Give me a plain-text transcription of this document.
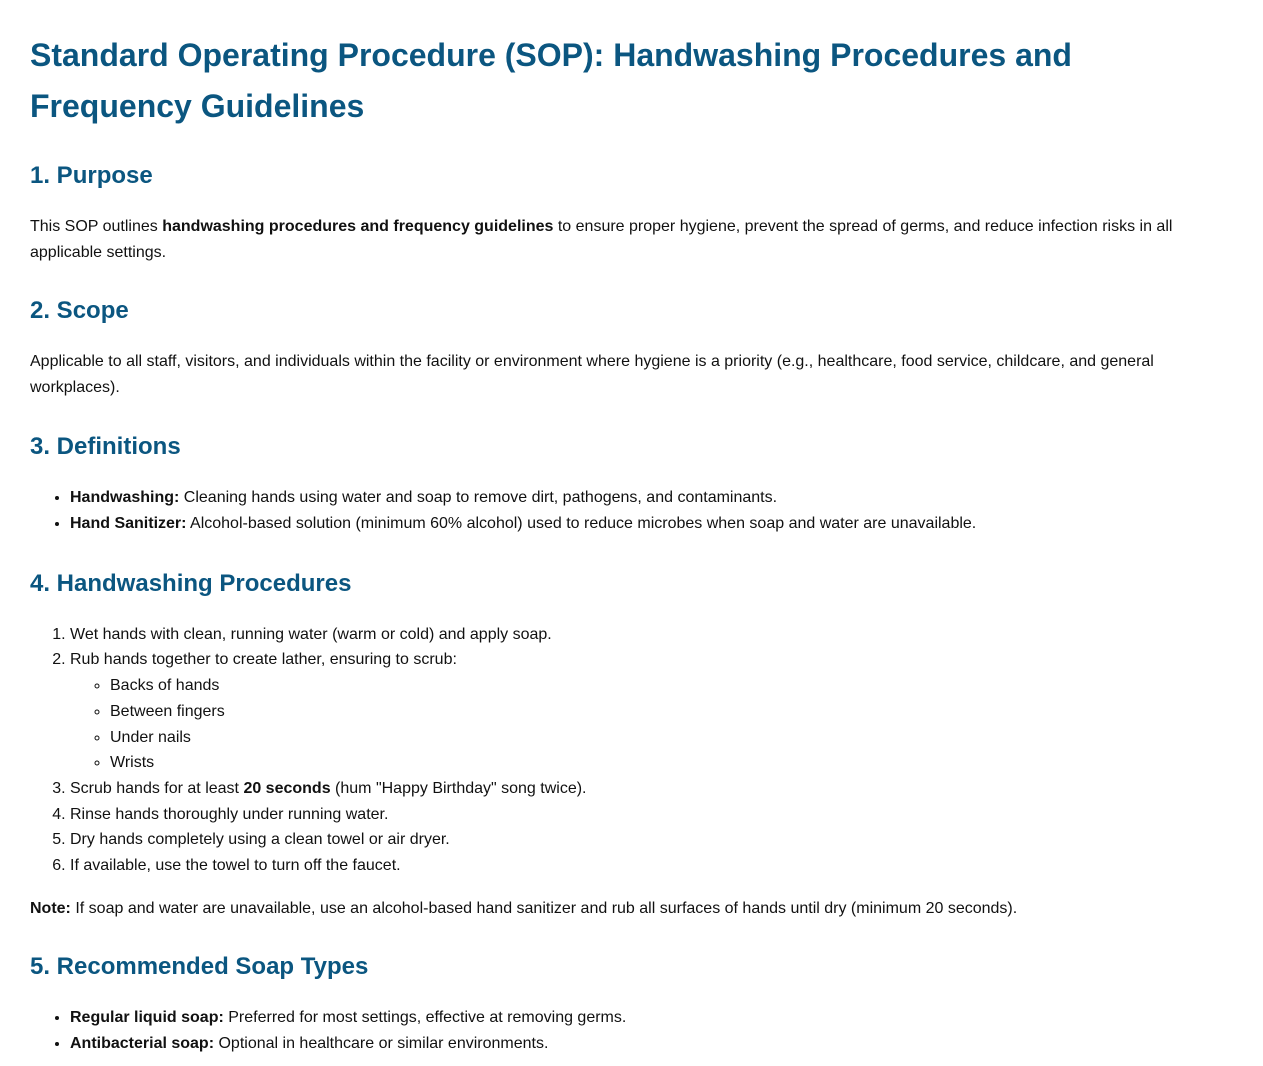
Standard Operating Procedure (SOP): Handwashing Procedures and Frequency Guidelines
1. Purpose

This SOP outlines handwashing procedures and frequency guidelines to ensure proper hygiene, prevent the spread of germs, and reduce infection risks in all applicable settings.

2. Scope

Applicable to all staff, visitors, and individuals within the facility or environment where hygiene is a priority (e.g., healthcare, food service, childcare, and general workplaces).

3. Definitions
• Handwashing: Cleaning hands using water and soap to remove dirt, pathogens, and contaminants.
• Hand Sanitizer: Alcohol-based solution (minimum 60% alcohol) used to reduce microbes when soap and water are unavailable.
4. Handwashing Procedures
1. Wet hands with clean, running water (warm or cold) and apply soap.
2. Rub hands together to create lather, ensuring to scrub:
◦ Backs of hands
◦ Between fingers
◦ Under nails
◦ Wrists
3. Scrub hands for at least 20 seconds (hum "Happy Birthday" song twice).
4. Rinse hands thoroughly under running water.
5. Dry hands completely using a clean towel or air dryer.
6. If available, use the towel to turn off the faucet.

Note: If soap and water are unavailable, use an alcohol-based hand sanitizer and rub all surfaces of hands until dry (minimum 20 seconds).

5. Recommended Soap Types
• Regular liquid soap: Preferred for most settings, effective at removing germs.
• Antibacterial soap: Optional in healthcare or similar environments.
